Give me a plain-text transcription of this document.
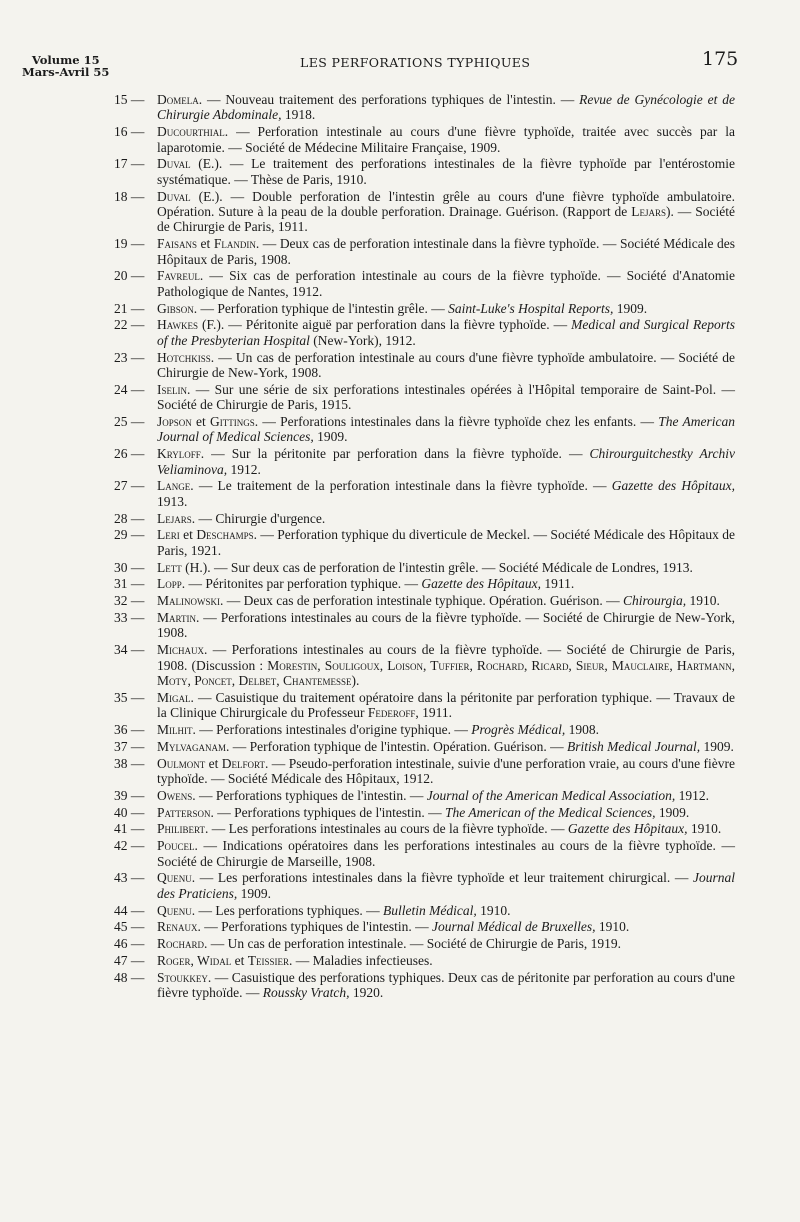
Volume 15
Mars-Avril 55
LES PERFORATIONS TYPHIQUES	175
15 — Domela. — Nouveau traitement des perforations typhiques de l'intestin. — Revue de Gynécologie et de Chirurgie Abdominale, 1918.
16 — Ducourthial. — Perforation intestinale au cours d'une fièvre typhoïde, traitée avec succès par la laparotomie. — Société de Médecine Militaire Française, 1909.
17 — Duval (E.). — Le traitement des perforations intestinales de la fièvre typhoïde par l'entérostomie systématique. — Thèse de Paris, 1910.
18 — Duval (E.). — Double perforation de l'intestin grêle au cours d'une fièvre typhoïde ambulatoire. Opération. Suture à la peau de la double perforation. Drainage. Guérison. (Rapport de Lejars). — Société de Chirurgie de Paris, 1911.
19 — Faisans et Flandin. — Deux cas de perforation intestinale dans la fièvre typhoïde. — Société Médicale des Hôpitaux de Paris, 1908.
20 — Favreul. — Six cas de perforation intestinale au cours de la fièvre typhoïde. — Société d'Anatomie Pathologique de Nantes, 1912.
21 — Gibson. — Perforation typhique de l'intestin grêle. — Saint-Luke's Hospital Reports, 1909.
22 — Hawkes (F.). — Péritonite aiguë par perforation dans la fièvre typhoïde. — Medical and Surgical Reports of the Presbyterian Hospital (New-York), 1912.
23 — Hotchkiss. — Un cas de perforation intestinale au cours d'une fièvre typhoïde ambulatoire. — Société de Chirurgie de New-York, 1908.
24 — Iselin. — Sur une série de six perforations intestinales opérées à l'Hôpital temporaire de Saint-Pol. — Société de Chirurgie de Paris, 1915.
25 — Jopson et Gittings. — Perforations intestinales dans la fièvre typhoïde chez les enfants. — The American Journal of Medical Sciences, 1909.
26 — Kryloff. — Sur la péritonite par perforation dans la fièvre typhoïde. — Chirourguitchestky Archiv Veliaminova, 1912.
27 — Lange. — Le traitement de la perforation intestinale dans la fièvre typhoïde. — Gazette des Hôpitaux, 1913.
28 — Lejars. — Chirurgie d'urgence.
29 — Leri et Deschamps. — Perforation typhique du diverticule de Meckel. — Société Médicale des Hôpitaux de Paris, 1921.
30 — Lett (H.). — Sur deux cas de perforation de l'intestin grêle. — Société Médicale de Londres, 1913.
31 — Lopp. — Péritonites par perforation typhique. — Gazette des Hôpitaux, 1911.
32 — Malinowski. — Deux cas de perforation intestinale typhique. Opération. Guérison. — Chirourgia, 1910.
33 — Martin. — Perforations intestinales au cours de la fièvre typhoïde. — Société de Chirurgie de New-York, 1908.
34 — Michaux. — Perforations intestinales au cours de la fièvre typhoïde. — Société de Chirurgie de Paris, 1908. (Discussion : Morestin, Souligoux, Loison, Tuffier, Rochard, Ricard, Sieur, Mauclaire, Hartmann, Moty, Poncet, Delbet, Chantemesse).
35 — Migal. — Casuistique du traitement opératoire dans la péritonite par perforation typhique. — Travaux de la Clinique Chirurgicale du Professeur Federoff, 1911.
36 — Milhit. — Perforations intestinales d'origine typhique. — Progrès Médical, 1908.
37 — Mylvaganam. — Perforation typhique de l'intestin. Opération. Guérison. — British Medical Journal, 1909.
38 — Oulmont et Delfort. — Pseudo-perforation intestinale, suivie d'une perforation vraie, au cours d'une fièvre typhoïde. — Société Médicale des Hôpitaux, 1912.
39 — Owens. — Perforations typhiques de l'intestin. — Journal of the American Medical Association, 1912.
40 — Patterson. — Perforations typhiques de l'intestin. — The American of the Medical Sciences, 1909.
41 — Philibert. — Les perforations intestinales au cours de la fièvre typhoïde. — Gazette des Hôpitaux, 1910.
42 — Poucel. — Indications opératoires dans les perforations intestinales au cours de la fièvre typhoïde. — Société de Chirurgie de Marseille, 1908.
43 — Quenu. — Les perforations intestinales dans la fièvre typhoïde et leur traitement chirurgical. — Journal des Praticiens, 1909.
44 — Quenu. — Les perforations typhiques. — Bulletin Médical, 1910.
45 — Renaux. — Perforations typhiques de l'intestin. — Journal Médical de Bruxelles, 1910.
46 — Rochard. — Un cas de perforation intestinale. — Société de Chirurgie de Paris, 1919.
47 — Roger, Widal et Teissier. — Maladies infectieuses.
48 — Stoukkey. — Casuistique des perforations typhiques. Deux cas de péritonite par perforation au cours d'une fièvre typhoïde. — Roussky Vratch, 1920.
